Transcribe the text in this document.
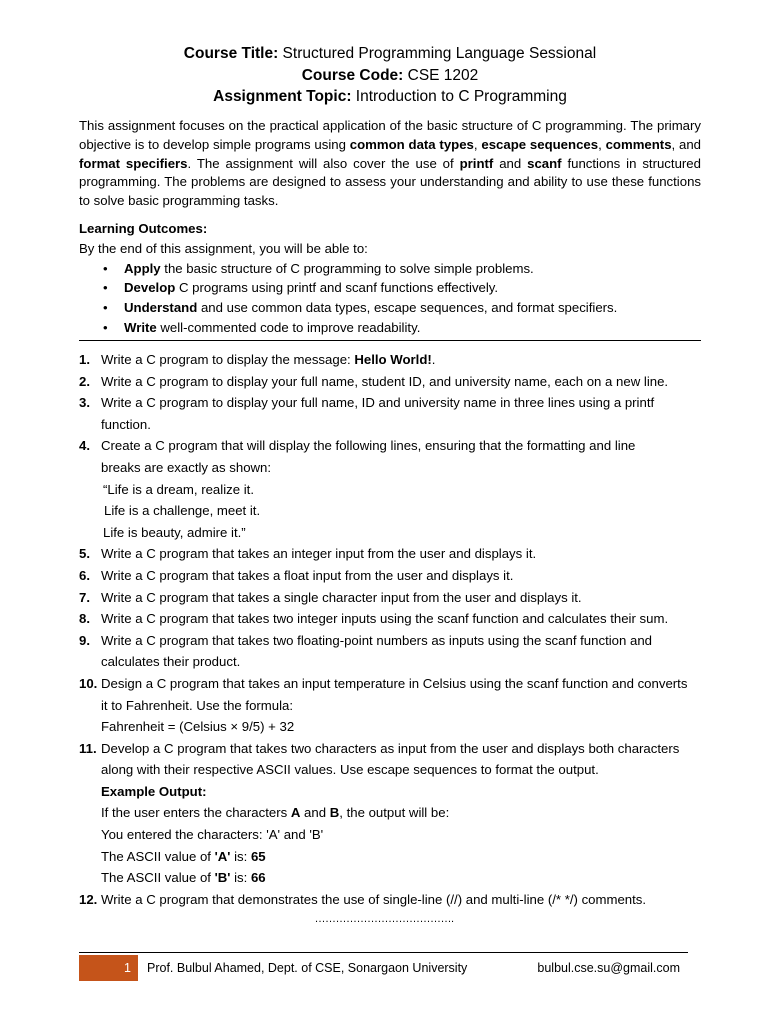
Course Title: Structured Programming Language Sessional
Course Code: CSE 1202
Assignment Topic: Introduction to C Programming
This assignment focuses on the practical application of the basic structure of C programming. The primary objective is to develop simple programs using common data types, escape sequences, comments, and format specifiers. The assignment will also cover the use of printf and scanf functions in structured programming. The problems are designed to assess your understanding and ability to use these functions to solve basic programming tasks.
Learning Outcomes:
By the end of this assignment, you will be able to:
• Apply the basic structure of C programming to solve simple problems.
• Develop C programs using printf and scanf functions effectively.
• Understand and use common data types, escape sequences, and format specifiers.
• Write well-commented code to improve readability.
1. Write a C program to display the message: Hello World!.
2. Write a C program to display your full name, student ID, and university name, each on a new line.
3. Write a C program to display your full name, ID and university name in three lines using a printf
function.
4. Create a C program that will display the following lines, ensuring that the formatting and line
breaks are exactly as shown:
“Life is a dream, realize it.
Life is a challenge, meet it.
Life is beauty, admire it.”
5. Write a C program that takes an integer input from the user and displays it.
6. Write a C program that takes a float input from the user and displays it.
7. Write a C program that takes a single character input from the user and displays it.
8. Write a C program that takes two integer inputs using the scanf function and calculates their sum.
9. Write a C program that takes two floating-point numbers as inputs using the scanf function and
calculates their product.
10. Design a C program that takes an input temperature in Celsius using the scanf function and converts
it to Fahrenheit. Use the formula:
Fahrenheit = (Celsius × 9/5) + 32
11. Develop a C program that takes two characters as input from the user and displays both characters
along with their respective ASCII values. Use escape sequences to format the output.
Example Output:
If the user enters the characters A and B, the output will be:
You entered the characters: 'A' and 'B'
The ASCII value of 'A' is: 65
The ASCII value of 'B' is: 66
12. Write a C program that demonstrates the use of single-line (//) and multi-line (/* */) comments.
………………………………….
1 Prof. Bulbul Ahamed, Dept. of CSE, Sonargaon University	bulbul.cse.su@gmail.com
